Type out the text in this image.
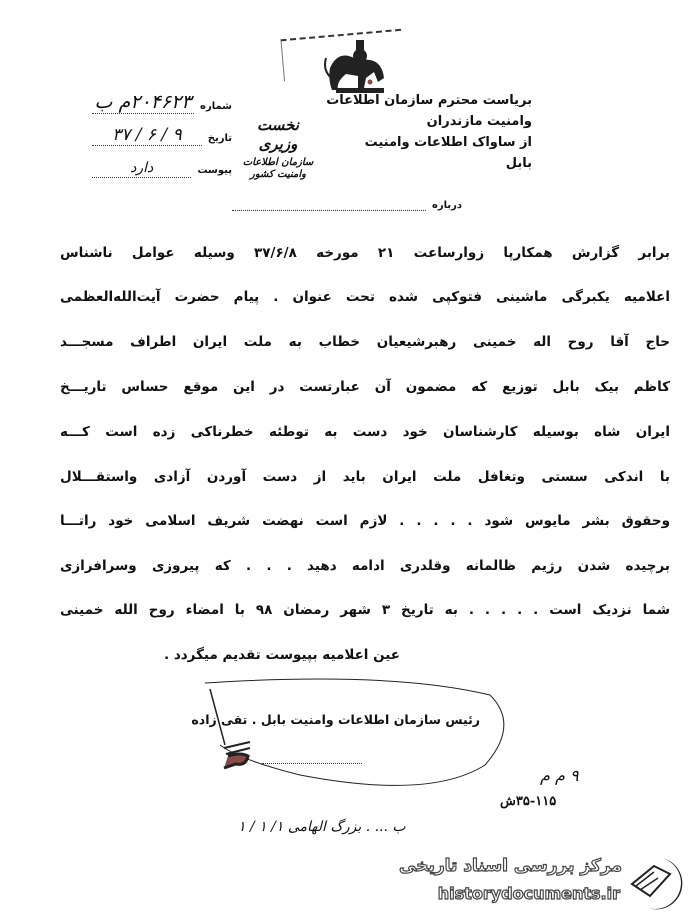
۲۰۴۶۲۳م ب شماره
۹ / ۶ / ۳۷	تاریخ
دارد	پیوست
نخست وزیری
سازمان اطلاعات وامنیت کشور
بریاست محترم سازمان اطلاعات
وامنیت مازندران
از ساواک اطلاعات وامنیت
بابل
درباره
برابر گزارش همکارپا زوارساعت ۲۱ مورخه ۳۷/۶/۸ وسیله عوامل ناشناس
اعلامیه یکبرگی ماشینی فتوکپی شده تحت عنوان . پیام حضرت آیت‌الله‌العظمی
حاج آقا روح اله خمینی رهبرشیعیان خطاب به ملت ایران اطراف مسجـــد
کاظم بیک بابل توزیع که مضمون آن عبارتست در این موقع حساس تاریـــخ
ایران شاه بوسیله کارشناسان خود دست به توطئه خطرناکی زده است کـــه
با اندکی سستی وتغافل ملت ایران باید از دست آوردن آزادی واستقـــلال
وحقوق بشر مایوس شود . . . . . لازم است نهضت شریف اسلامی خود راتـــا
برچیده شدن رژیم ظالمانه وقلدری ادامه دهید . . . که پیروزی وسرافرازی
شما نزدیک است . . . . . به تاریخ ۳ شهر رمضان ۹۸ با امضاء روح الله خمینی
عین اعلامیه بپیوست تقدیم میگردد .
رئیس سازمان اطلاعات وامنیت بابل . تقی زاده
۹ م م
۳۵-۱۱۵ش
ب ... . بزرگ الهامی ۱/ ۱ / ۱
مرکز بررسی اسناد تاریخی
historydocuments.ir
